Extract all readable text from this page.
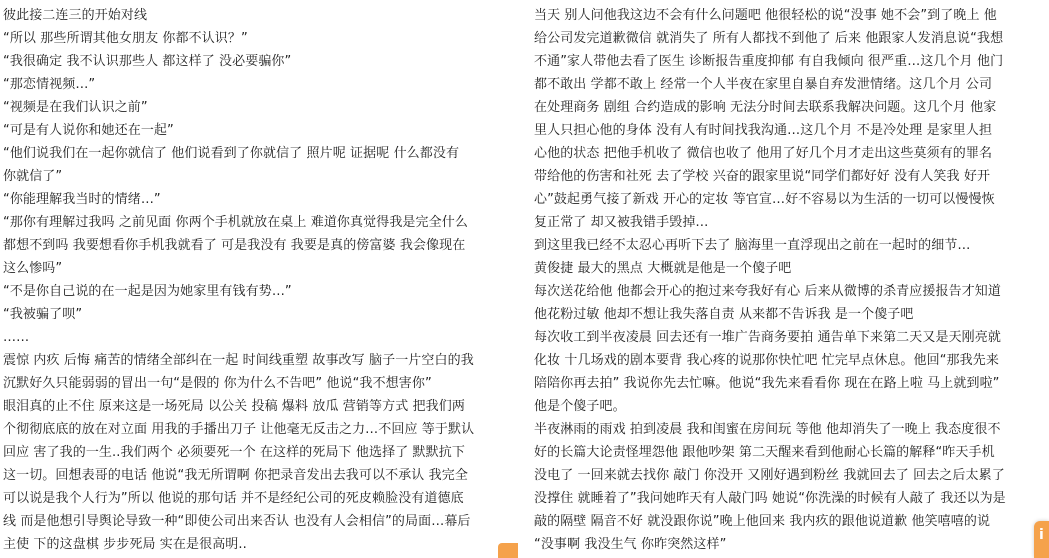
彼此接二连三的开始对线
“所以 那些所谓其他女朋友 你都不认识？”
“我很确定 我不认识那些人 都这样了 没必要骗你”
“那恋情视频…”
“视频是在我们认识之前”
“可是有人说你和她还在一起”
“他们说我们在一起你就信了 他们说看到了你就信了 照片呢 证据呢 什么都没有
你就信了”
“你能理解我当时的情绪…”
“那你有理解过我吗 之前见面 你两个手机就放在桌上 难道你真觉得我是完全什么
都想不到吗 我要想看你手机我就看了 可是我没有 我要是真的傍富婆 我会像现在
这么惨吗”
“不是你自己说的在一起是因为她家里有钱有势…”
“我被骗了呗”
……
震惊 内疚 后悔 痛苦的情绪全部纠在一起 时间线重塑 故事改写 脑子一片空白的我
沉默好久只能弱弱的冒出一句“是假的 你为什么不告吧” 他说“我不想害你”
眼泪真的止不住 原来这是一场死局 以公关 投稿 爆料 放瓜 营销等方式 把我们两
个彻彻底底的放在对立面 用我的手播出刀子 让他毫无反击之力…不回应 等于默认
回应 害了我的一生..我们两个 必须要死一个 在这样的死局下 他选择了 默默抗下
这一切。回想表哥的电话 他说“我无所谓啊 你把录音发出去我可以不承认 我完全
可以说是我个人行为”所以 他说的那句话 并不是经纪公司的死皮赖脸没有道德底
线 而是他想引导舆论导致一种“即使公司出来否认 也没有人会相信”的局面…幕后
主使 下的这盘棋 步步死局 实在是很高明..
当天 别人问他我这边不会有什么问题吧 他很轻松的说“没事 她不会”到了晚上 他
给公司发完道歉微信 就消失了 所有人都找不到他了 后来 他跟家人发消息说“我想
不通”家人带他去看了医生 诊断报告重度抑郁 有自我倾向 很严重…这几个月 他门
都不敢出 学都不敢上 经常一个人半夜在家里自暴自弃发泄情绪。这几个月 公司
在处理商务 剧组 合约造成的影响 无法分时间去联系我解决问题。这几个月 他家
里人只担心他的身体 没有人有时间找我沟通…这几个月 不是冷处理 是家里人担
心他的状态 把他手机收了 微信也收了 他用了好几个月才走出这些莫须有的罪名
带给他的伤害和社死 去了学校 兴奋的跟家里说“同学们都好好 没有人笑我 好开
心”鼓起勇气接了新戏 开心的定妆 等官宣…好不容易以为生活的一切可以慢慢恢
复正常了 却又被我错手毁掉…
到这里我已经不太忍心再听下去了 脑海里一直浮现出之前在一起时的细节…
黄俊捷 最大的黑点 大概就是他是一个傻子吧
每次送花给他 他都会开心的抱过来夸我好有心 后来从微博的杀青应援报告才知道
他花粉过敏 他却不想让我失落自责 从来都不告诉我 是一个傻子吧
每次收工到半夜凌晨 回去还有一堆广告商务要拍 通告单下来第二天又是天刚亮就
化妆 十几场戏的剧本要背 我心疼的说那你快忙吧 忙完早点休息。他回“那我先来
陪陪你再去拍” 我说你先去忙嘛。他说“我先来看看你 现在在路上啦 马上就到啦”
他是个傻子吧。
半夜淋雨的雨戏 拍到凌晨 我和闺蜜在房间玩 等他 他却消失了一晚上 我态度很不
好的长篇大论责怪埋怨他 跟他吵架 第二天醒来看到他耐心长篇的解释“昨天手机
没电了 一回来就去找你 敲门 你没开 又刚好遇到粉丝 我就回去了 回去之后太累了
没撑住 就睡着了”我问她昨天有人敲门吗 她说“你洗澡的时候有人敲了 我还以为是
敲的隔壁 隔音不好 就没跟你说”晚上他回来 我内疚的跟他说道歉 他笑嘻嘻的说
“没事啊 我没生气 你昨突然这样”
i
